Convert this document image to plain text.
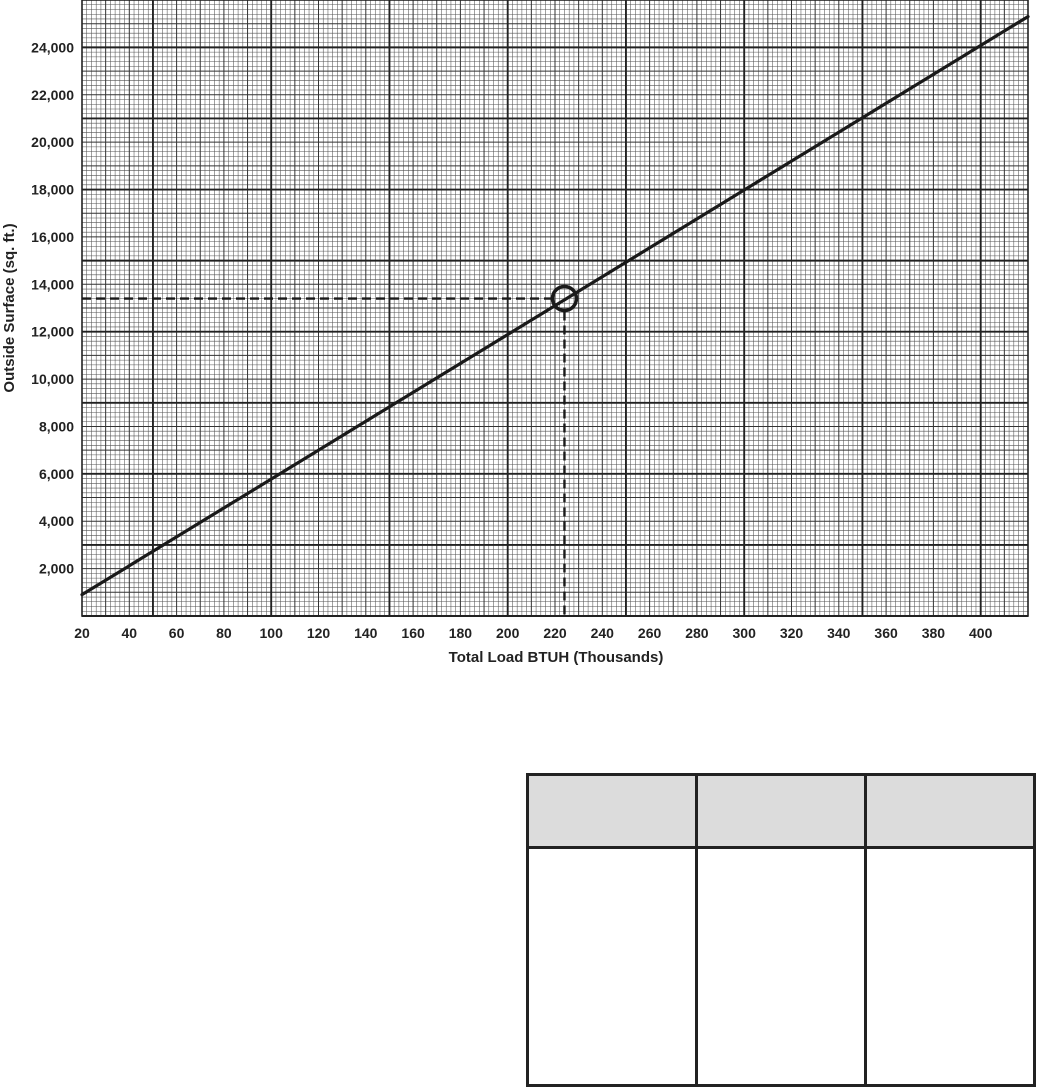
20 40 60 80 100 120 140 160 180 200 220 240 260 280 300 320 340 360 380 400
2,000
4,000
6,000
8,000
10,000
12,000
14,000
16,000
18,000
20,000
22,000
24,000
Total Load BTUH (Thousands)
Outside Surface (sq. ft.)
